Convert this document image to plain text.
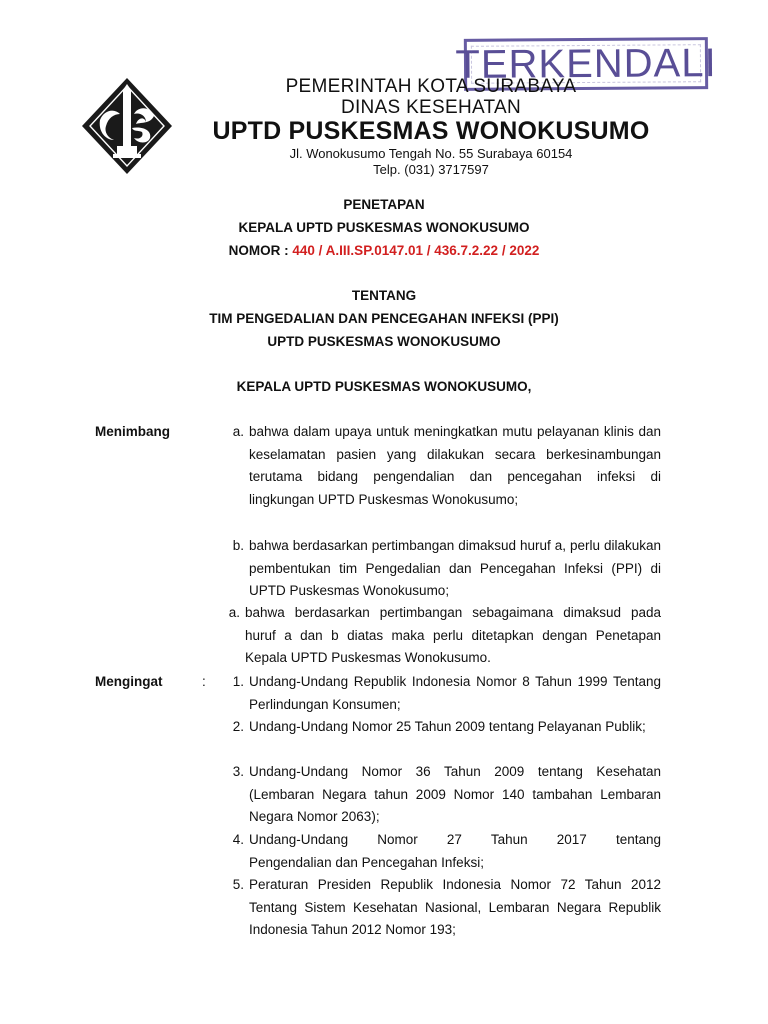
TERKENDALI
PEMERINTAH KOTA SURABAYA
DINAS KESEHATAN
UPTD PUSKESMAS WONOKUSUMO
Jl. Wonokusumo Tengah No. 55 Surabaya 60154
Telp. (031) 3717597
PENETAPAN
KEPALA UPTD PUSKESMAS WONOKUSUMO
NOMOR : 440 / A.III.SP.0147.01 / 436.7.2.22 / 2022
TENTANG
TIM PENGEDALIAN DAN PENCEGAHAN INFEKSI (PPI)
UPTD PUSKESMAS WONOKUSUMO
KEPALA UPTD PUSKESMAS WONOKUSUMO,
Menimbang	a. bahwa dalam upaya untuk meningkatkan mutu pelayanan klinis dan keselamatan pasien yang dilakukan secara berkesinambungan terutama bidang pengendalian dan pencegahan infeksi di lingkungan UPTD Puskesmas Wonokusumo;
b. bahwa berdasarkan pertimbangan dimaksud huruf a, perlu dilakukan pembentukan tim Pengedalian dan Pencegahan Infeksi (PPI) di UPTD Puskesmas Wonokusumo;
a. bahwa berdasarkan pertimbangan sebagaimana dimaksud pada huruf a dan b diatas maka perlu ditetapkan dengan Penetapan Kepala UPTD Puskesmas Wonokusumo.
Mengingat	:	1. Undang-Undang Republik Indonesia Nomor 8 Tahun 1999 Tentang Perlindungan Konsumen;
2. Undang-Undang Nomor 25 Tahun 2009 tentang Pelayanan Publik;
3. Undang-Undang Nomor 36 Tahun 2009 tentang Kesehatan (Lembaran Negara tahun 2009 Nomor 140 tambahan Lembaran Negara Nomor 2063);
4. Undang-Undang Nomor 27 Tahun 2017 tentang
Pengendalian dan Pencegahan Infeksi;
5. Peraturan Presiden Republik Indonesia Nomor 72 Tahun 2012 Tentang Sistem Kesehatan Nasional, Lembaran Negara Republik Indonesia Tahun 2012 Nomor 193;
